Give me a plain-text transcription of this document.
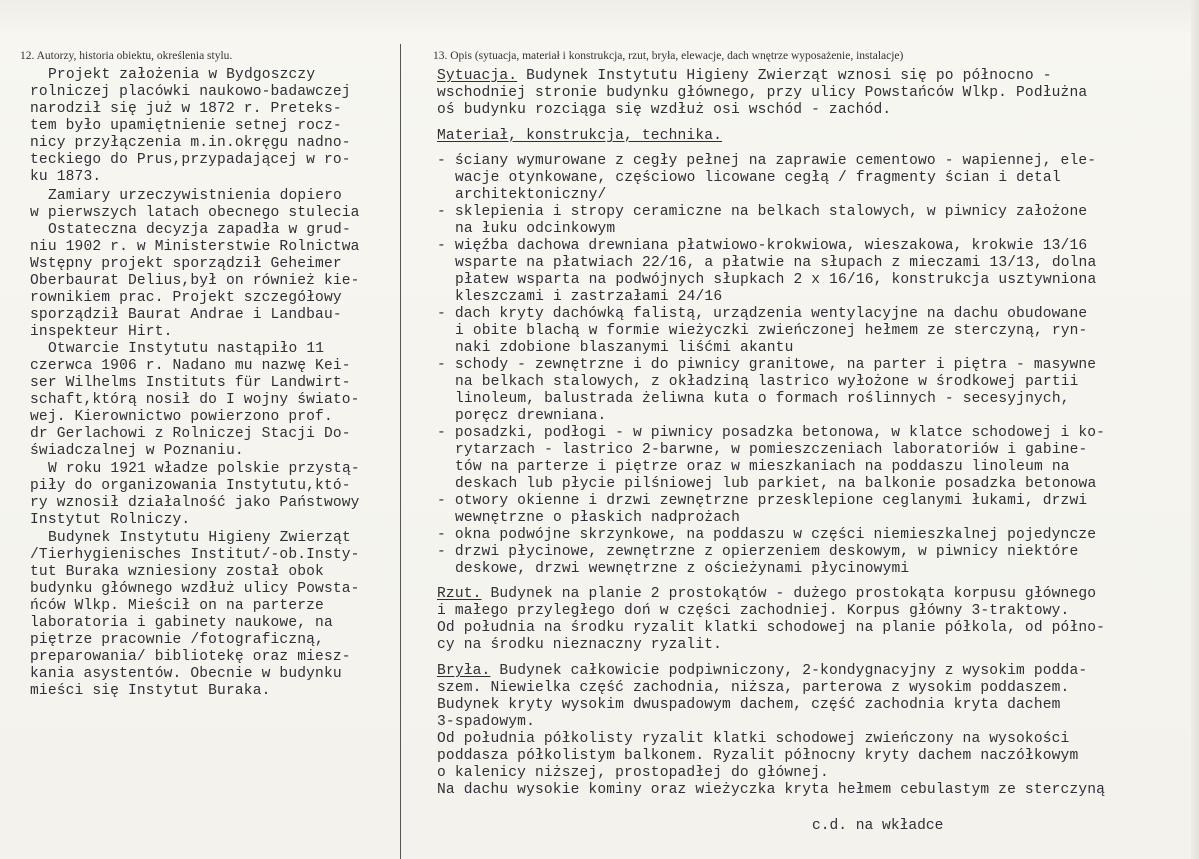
12. Autorzy, historia obiektu, określenia stylu.	13. Opis (sytuacja, materiał i konstrukcja, rzut, bryła, elewacje, dach wnętrze wyposażenie, instalacje)
Projekt założenia w Bydgoszczy
rolniczej placówki naukowo-badawczej
narodził się już w 1872 r. Preteks-
tem było upamiętnienie setnej rocz-
nicy przyłączenia m.in.okręgu nadno-
teckiego do Prus,przypadającej w ro-
ku 1873.
Zamiary urzeczywistnienia dopiero
w pierwszych latach obecnego stulecia
Ostateczna decyzja zapadła w grud-
niu 1902 r. w Ministerstwie Rolnictwa
Wstępny projekt sporządził Geheimer
Oberbaurat Delius,był on również kie-
rownikiem prac. Projekt szczegółowy
sporządził Baurat Andrae i Landbau-
inspekteur Hirt.
Otwarcie Instytutu nastąpiło 11
czerwca 1906 r. Nadano mu nazwę Kei-
ser Wilhelms Instituts für Landwirt-
schaft,którą nosił do I wojny świato-
wej. Kierownictwo powierzono prof.
dr Gerlachowi z Rolniczej Stacji Do-
świadczalnej w Poznaniu.
W roku 1921 władze polskie przystą-
piły do organizowania Instytutu,któ-
ry wznosił działalność jako Państwowy
Instytut Rolniczy.
Budynek Instytutu Higieny Zwierząt
/Tierhygienisches Institut/-ob.Insty-
tut Buraka wzniesiony został obok
budynku głównego wzdłuż ulicy Powsta-
ńców Wlkp. Mieścił on na parterze
laboratoria i gabinety naukowe, na
piętrze pracownie /fotograficzną,
preparowania/ bibliotekę oraz miesz-
kania asystentów. Obecnie w budynku
mieści się Instytut Buraka.
Sytuacja. Budynek Instytutu Higieny Zwierząt wznosi się po północno -
wschodniej stronie budynku głównego, przy ulicy Powstańców Wlkp. Podłużna
oś budynku rozciąga się wzdłuż osi wschód - zachód.
Materiał, konstrukcja, technika.
- ściany wymurowane z cegły pełnej na zaprawie cementowo - wapiennej, ele-
wacje otynkowane, częściowo licowane cegłą / fragmenty ścian i detal
architektoniczny/
- sklepienia i stropy ceramiczne na belkach stalowych, w piwnicy założone
na łuku odcinkowym
- więźba dachowa drewniana płatwiowo-krokwiowa, wieszakowa, krokwie 13/16
wsparte na płatwiach 22/16, a płatwie na słupach z mieczami 13/13, dolna
płatew wsparta na podwójnych słupkach 2 x 16/16, konstrukcja usztywniona
kleszczami i zastrzałami 24/16
- dach kryty dachówką falistą, urządzenia wentylacyjne na dachu obudowane
i obite blachą w formie wieżyczki zwieńczonej hełmem ze sterczyną, ryn-
naki zdobione blaszanymi liśćmi akantu
- schody - zewnętrzne i do piwnicy granitowe, na parter i piętra - masywne
na belkach stalowych, z okładziną lastrico wyłożone w środkowej partii
linoleum, balustrada żeliwna kuta o formach roślinnych - secesyjnych,
poręcz drewniana.
- posadzki, podłogi - w piwnicy posadzka betonowa, w klatce schodowej i ko-
rytarzach - lastrico 2-barwne, w pomieszczeniach laboratoriów i gabine-
tów na parterze i piętrze oraz w mieszkaniach na poddaszu linoleum na
deskach lub płycie pilśniowej lub parkiet, na balkonie posadzka betonowa
- otwory okienne i drzwi zewnętrzne przesklepione ceglanymi łukami, drzwi
wewnętrzne o płaskich nadprożach
- okna podwójne skrzynkowe, na poddaszu w części niemieszkalnej pojedyncze
- drzwi płycinowe, zewnętrzne z opierzeniem deskowym, w piwnicy niektóre
deskowe, drzwi wewnętrzne z ościeżynami płycinowymi
Rzut. Budynek na planie 2 prostokątów - dużego prostokąta korpusu głównego
i małego przyległego doń w części zachodniej. Korpus główny 3-traktowy.
Od południa na środku ryzalit klatki schodowej na planie półkola, od półno-
cy na środku nieznaczny ryzalit.
Bryła. Budynek całkowicie podpiwniczony, 2-kondygnacyjny z wysokim podda-
szem. Niewielka część zachodnia, niższa, parterowa z wysokim poddaszem.
Budynek kryty wysokim dwuspadowym dachem, część zachodnia kryta dachem
3-spadowym.
Od południa półkolisty ryzalit klatki schodowej zwieńczony na wysokości
poddasza półkolistym balkonem. Ryzalit północny kryty dachem naczółkowym
o kalenicy niższej, prostopadłej do głównej.
Na dachu wysokie kominy oraz wieżyczka kryta hełmem cebulastym ze sterczyną
c.d. na wkładce
